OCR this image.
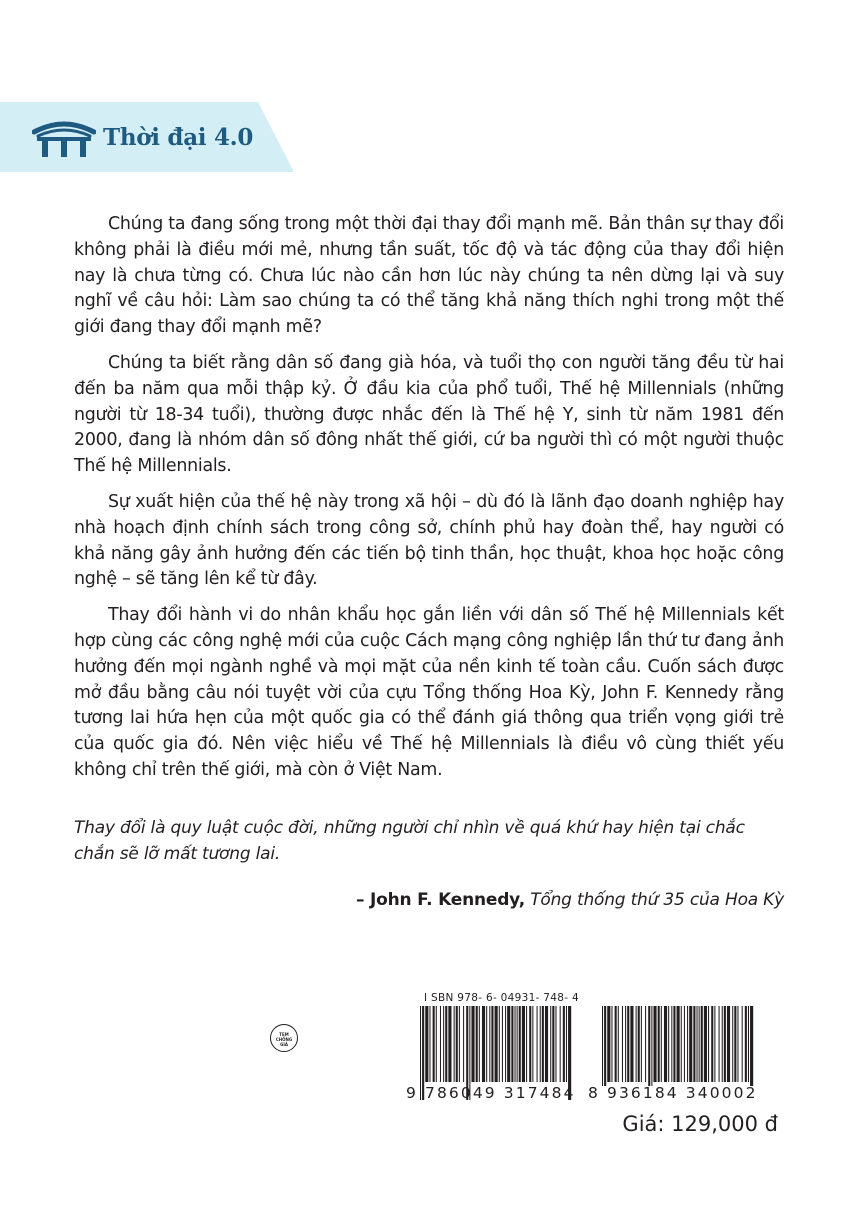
Thời đại 4.0

Chúng ta đang sống trong một thời đại thay đổi mạnh mẽ. Bản thân sự thay đổi không phải là điều mới mẻ, nhưng tần suất, tốc độ và tác động của thay đổi hiện nay là chưa từng có. Chưa lúc nào cần hơn lúc này chúng ta nên dừng lại và suy nghĩ về câu hỏi: Làm sao chúng ta có thể tăng khả năng thích nghi trong một thế giới đang thay đổi mạnh mẽ?

Chúng ta biết rằng dân số đang già hóa, và tuổi thọ con người tăng đều từ hai đến ba năm qua mỗi thập kỷ. Ở đầu kia của phổ tuổi, Thế hệ Millennials (những người từ 18-34 tuổi), thường được nhắc đến là Thế hệ Y, sinh từ năm 1981 đến 2000, đang là nhóm dân số đông nhất thế giới, cứ ba người thì có một người thuộc Thế hệ Millennials.

Sự xuất hiện của thế hệ này trong xã hội – dù đó là lãnh đạo doanh nghiệp hay nhà hoạch định chính sách trong công sở, chính phủ hay đoàn thể, hay người có khả năng gây ảnh hưởng đến các tiến bộ tinh thần, học thuật, khoa học hoặc công nghệ – sẽ tăng lên kể từ đây.

Thay đổi hành vi do nhân khẩu học gắn liền với dân số Thế hệ Millennials kết hợp cùng các công nghệ mới của cuộc Cách mạng công nghiệp lần thứ tư đang ảnh hưởng đến mọi ngành nghề và mọi mặt của nền kinh tế toàn cầu. Cuốn sách được mở đầu bằng câu nói tuyệt vời của cựu Tổng thống Hoa Kỳ, John F. Kennedy rằng tương lai hứa hẹn của một quốc gia có thể đánh giá thông qua triển vọng giới trẻ của quốc gia đó. Nên việc hiểu về Thế hệ Millennials là điều vô cùng thiết yếu không chỉ trên thế giới, mà còn ở Việt Nam.

Thay đổi là quy luật cuộc đời, những người chỉ nhìn về quá khứ hay hiện tại chắc chắn sẽ lỡ mất tương lai.
– John F. Kennedy, Tổng thống thứ 35 của Hoa Kỳ
TEM
CHỐNG
GIẢ
I SBN 978- 6- 04931- 748- 4
9 786049 317484 8 936184 340002
Giá: 129,000 đ
